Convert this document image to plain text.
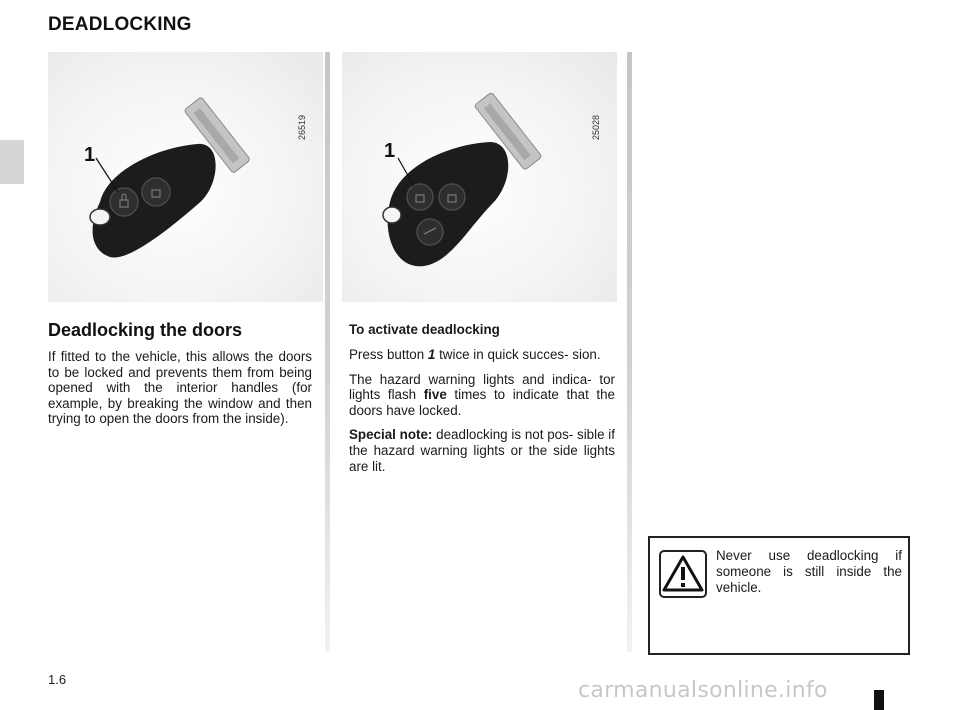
DEADLOCKING
1
26519
1
25028
Deadlocking the doors

If fitted to the vehicle, this allows the doors to be locked and prevents them from being opened with the interior handles (for example, by breaking the window and then trying to open the doors from the inside).

To activate deadlocking

Press button 1 twice in quick succes- sion.

The hazard warning lights and indica- tor lights flash five times to indicate that the doors have locked.

Special note: deadlocking is not pos- sible if the hazard warning lights or the side lights are lit.

Never use deadlocking if someone is still inside the vehicle.

1.6	carmanualsonline.info
